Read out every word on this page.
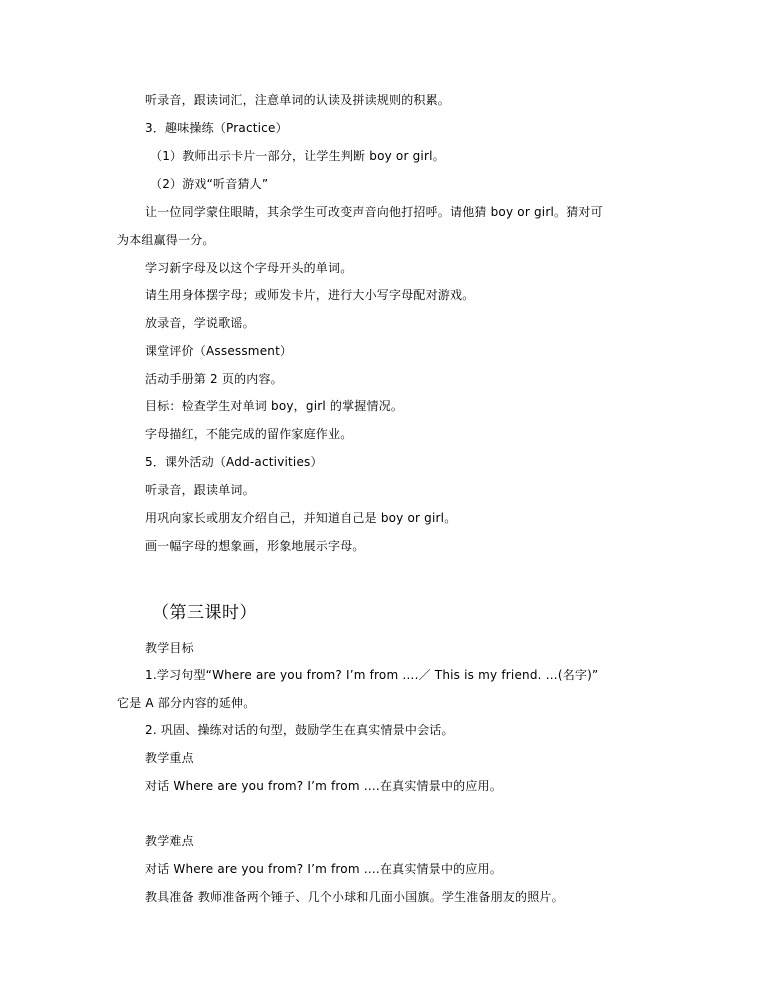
听录音，跟读词汇，注意单词的认读及拼读规则的积累。
3．趣味操练（Practice）
（1）教师出示卡片一部分，让学生判断 boy or girl。
（2）游戏“听音猜人”
让一位同学蒙住眼睛，其余学生可改变声音向他打招呼。请他猜 boy or girl。猜对可
为本组赢得一分。
学习新字母及以这个字母开头的单词。
请生用身体摆字母；或师发卡片，进行大小写字母配对游戏。
放录音，学说歌谣。
课堂评价（Assessment）
活动手册第 2 页的内容。
目标：检查学生对单词 boy，girl 的掌握情况。
字母描红，不能完成的留作家庭作业。
5．课外活动（Add-activities）
听录音，跟读单词。
用巩向家长或朋友介绍自己，并知道自己是 boy or girl。
画一幅字母的想象画，形象地展示字母。
（第三课时）
教学目标
1.学习句型“Where are you from? I’m from ….／ This is my friend. …(名字)”
它是 A 部分内容的延伸。
2. 巩固、操练对话的句型，鼓励学生在真实情景中会话。
教学重点
对话 Where are you from? I’m from ….在真实情景中的应用。
教学难点
对话 Where are you from? I’m from ….在真实情景中的应用。
教具准备 教师准备两个锤子、几个小球和几面小国旗。学生准备朋友的照片。
